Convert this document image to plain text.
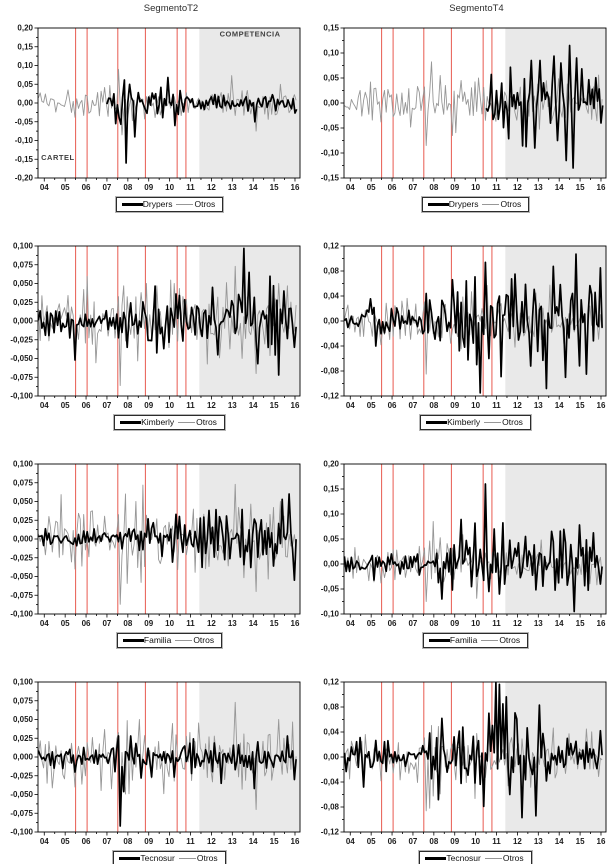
SegmentoT2	SegmentoT4
0,20
0,15
0,10
0,05
0,00
-0,05
-0,10
-0,15
-0,20
04 05 06 07 08 09 10 11 12 13 14 15 16
CARTEL
COMPETENCIA
Drypers	Otros
0,15
0,10
0,05
0,00
-0,05
-0,10
-0,15
04 05 06 07 08 09 10 11 12 13 14 15 16
Drypers	Otros
0,100
0,075
0,050
0,025
0,000
-0,025
-0,050
-0,075
-0,100
04 05 06 07 08 09 10 11 12 13 14 15 16
Kimberly	Otros
0,12
0,08
0,04
0,00
-0,04
-0,08
-0,12
04 05 06 07 08 09 10 11 12 13 14 15 16
Kimberly	Otros
0,100
0,075
0,050
0,025
0,000
-0,025
-0,050
-0,075
-0,100
04 05 06 07 08 09 10 11 12 13 14 15 16
Familia	Otros
0,20
0,15
0,10
0,05
0,00
-0,05
-0,10
04 05 06 07 08 09 10 11 12 13 14 15 16
Familia	Otros
0,100
0,075
0,050
0,025
0,000
-0,025
-0,050
-0,075
-0,100
04 05 06 07 08 09 10 11 12 13 14 15 16
Tecnosur	Otros
0,12
0,08
0,04
0,00
-0,04
-0,08
-0,12
04 05 06 07 08 09 10 11 12 13 14 15 16
Tecnosur	Otros
